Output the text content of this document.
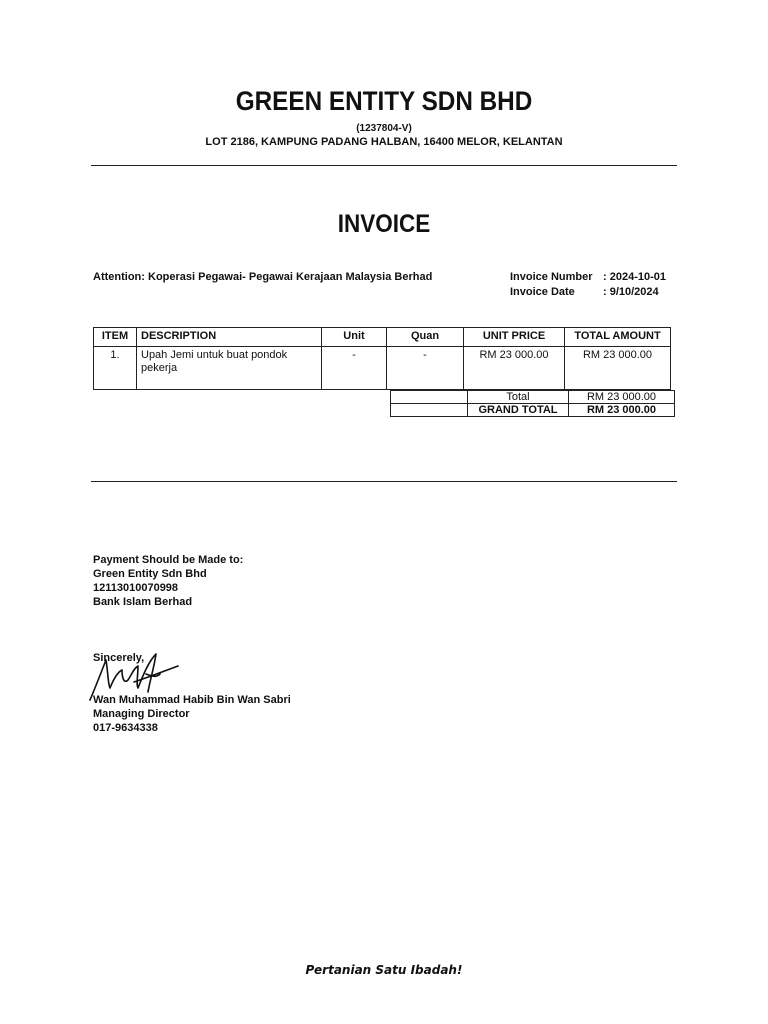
GREEN ENTITY SDN BHD
(1237804-V)
LOT 2186, KAMPUNG PADANG HALBAN, 16400 MELOR, KELANTAN
INVOICE
Attention: Koperasi Pegawai- Pegawai Kerajaan Malaysia Berhad	Invoice Number : 2024-10-01
Invoice Date	: 9/10/2024
ITEM	DESCRIPTION	Unit	Quan	UNIT PRICE	TOTAL AMOUNT
1.	Upah Jemi untuk buat pondok pekerja	-	-	RM 23 000.00	RM 23 000.00
	Total	RM 23 000.00
	GRAND TOTAL	RM 23 000.00
Payment Should be Made to:
Green Entity Sdn Bhd
12113010070998
Bank Islam Berhad
Sincerely,
Wan Muhammad Habib Bin Wan Sabri
Managing Director
017-9634338
Pertanian Satu Ibadah!
